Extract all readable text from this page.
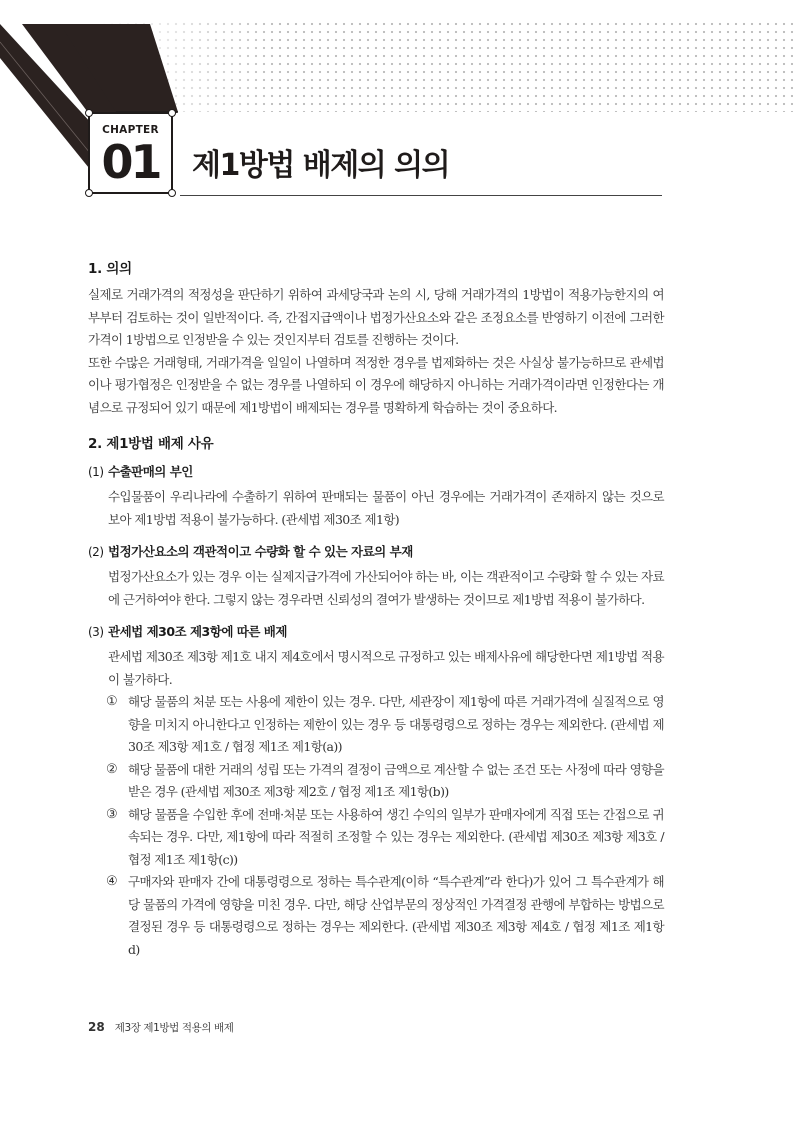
CHAPTER
01	제1방법 배제의 의의
1. 의의

실제로 거래가격의 적정성을 판단하기 위하여 과세당국과 논의 시, 당해 거래가격의 1방법이 적용가능한지의 여부부터 검토하는 것이 일반적이다. 즉, 간접지급액이나 법정가산요소와 같은 조정요소를 반영하기 이전에 그러한 가격이 1방법으로 인정받을 수 있는 것인지부터 검토를 진행하는 것이다.

또한 수많은 거래형태, 거래가격을 일일이 나열하며 적정한 경우를 법제화하는 것은 사실상 불가능하므로 관세법이나 평가협정은 인정받을 수 없는 경우를 나열하되 이 경우에 해당하지 아니하는 거래가격이라면 인정한다는 개념으로 규정되어 있기 때문에 제1방법이 배제되는 경우를 명확하게 학습하는 것이 중요하다.

2. 제1방법 배제 사유
(1) 수출판매의 부인

수입물품이 우리나라에 수출하기 위하여 판매되는 물품이 아닌 경우에는 거래가격이 존재하지 않는 것으로 보아 제1방법 적용이 불가능하다. (관세법 제30조 제1항)

(2) 법정가산요소의 객관적이고 수량화 할 수 있는 자료의 부재

법정가산요소가 있는 경우 이는 실제지급가격에 가산되어야 하는 바, 이는 객관적이고 수량화 할 수 있는 자료에 근거하여야 한다. 그렇지 않는 경우라면 신뢰성의 결여가 발생하는 것이므로 제1방법 적용이 불가하다.

(3) 관세법 제30조 제3항에 따른 배제

관세법 제30조 제3항 제1호 내지 제4호에서 명시적으로 규정하고 있는 배제사유에 해당한다면 제1방법 적용이 불가하다.

① 해당 물품의 처분 또는 사용에 제한이 있는 경우. 다만, 세관장이 제1항에 따른 거래가격에 실질적으로 영향을 미치지 아니한다고 인정하는 제한이 있는 경우 등 대통령령으로 정하는 경우는 제외한다. (관세법 제30조 제3항 제1호 / 협정 제1조 제1항(a))
② 해당 물품에 대한 거래의 성립 또는 가격의 결정이 금액으로 계산할 수 없는 조건 또는 사정에 따라 영향을 받은 경우 (관세법 제30조 제3항 제2호 / 협정 제1조 제1항(b))
③ 해당 물품을 수입한 후에 전매·처분 또는 사용하여 생긴 수익의 일부가 판매자에게 직접 또는 간접으로 귀속되는 경우. 다만, 제1항에 따라 적절히 조정할 수 있는 경우는 제외한다. (관세법 제30조 제3항 제3호 / 협정 제1조 제1항(c))
④ 구매자와 판매자 간에 대통령령으로 정하는 특수관계(이하 “특수관계”라 한다)가 있어 그 특수관계가 해당 물품의 가격에 영향을 미친 경우. 다만, 해당 산업부문의 정상적인 가격결정 관행에 부합하는 방법으로 결정된 경우 등 대통령령으로 정하는 경우는 제외한다. (관세법 제30조 제3항 제4호 / 협정 제1조 제1항 d)
28 제3장 제1방법 적용의 배제
